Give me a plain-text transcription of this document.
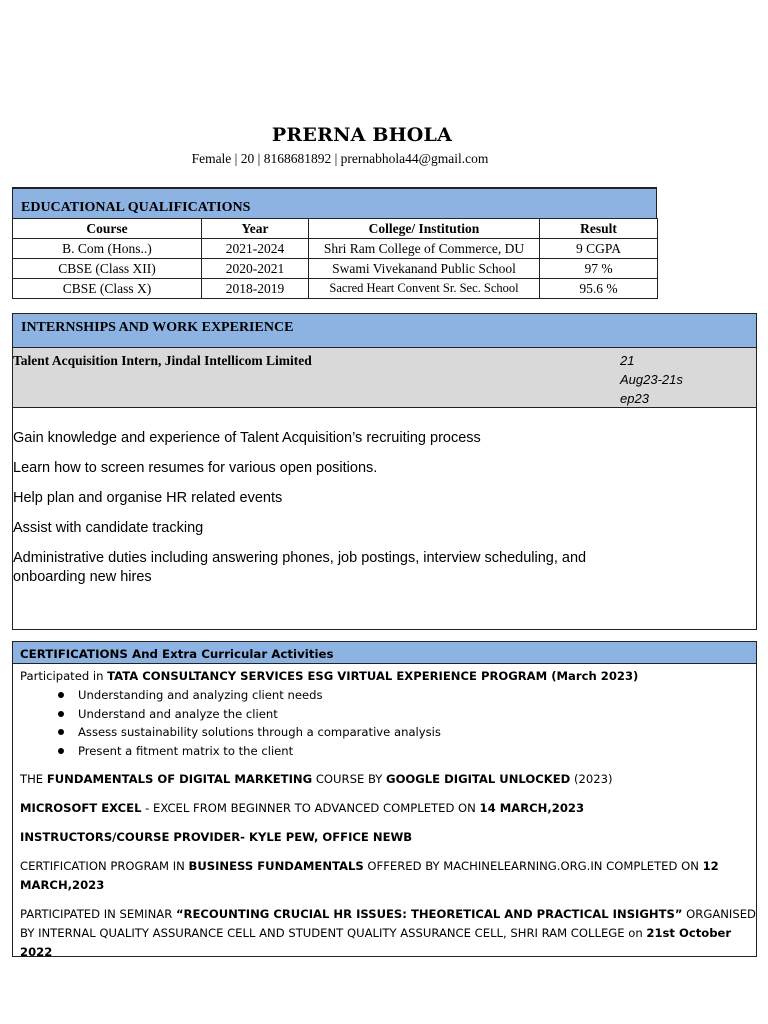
PRERNA BHOLA
Female | 20 | 8168681892 | prernabhola44@gmail.com
EDUCATIONAL QUALIFICATIONS
Course	Year	College/ Institution	Result
B. Com (Hons..)	2021-2024	Shri Ram College of Commerce, DU	9 CGPA
CBSE (Class XII)	2020-2021	Swami Vivekanand Public School	97 %
CBSE (Class X)	2018-2019	Sacred Heart Convent Sr. Sec. School	95.6 %
INTERNSHIPS AND WORK EXPERIENCE
Talent Acquisition Intern, Jindal Intellicom Limited	21
Aug23-21s
ep23

Gain knowledge and experience of Talent Acquisition’s recruiting process

Learn how to screen resumes for various open positions.

Help plan and organise HR related events

Assist with candidate tracking

Administrative duties including answering phones, job postings, interview scheduling, and onboarding new hires

CERTIFICATIONS And Extra Curricular Activities

Participated in TATA CONSULTANCY SERVICES ESG VIRTUAL EXPERIENCE PROGRAM (March 2023)

Understanding and analyzing client needs
Understand and analyze the client
Assess sustainability solutions through a comparative analysis
Present a fitment matrix to the client

THE FUNDAMENTALS OF DIGITAL MARKETING COURSE BY GOOGLE DIGITAL UNLOCKED (2023)

MICROSOFT EXCEL - EXCEL FROM BEGINNER TO ADVANCED COMPLETED ON 14 MARCH,2023

INSTRUCTORS/COURSE PROVIDER- KYLE PEW, OFFICE NEWB

CERTIFICATION PROGRAM IN BUSINESS FUNDAMENTALS OFFERED BY MACHINELEARNING.ORG.IN COMPLETED ON 12 MARCH,2023

PARTICIPATED IN SEMINAR “RECOUNTING CRUCIAL HR ISSUES: THEORETICAL AND PRACTICAL INSIGHTS” ORGANISED BY INTERNAL QUALITY ASSURANCE CELL AND STUDENT QUALITY ASSURANCE CELL, SHRI RAM COLLEGE on 21st October 2022
